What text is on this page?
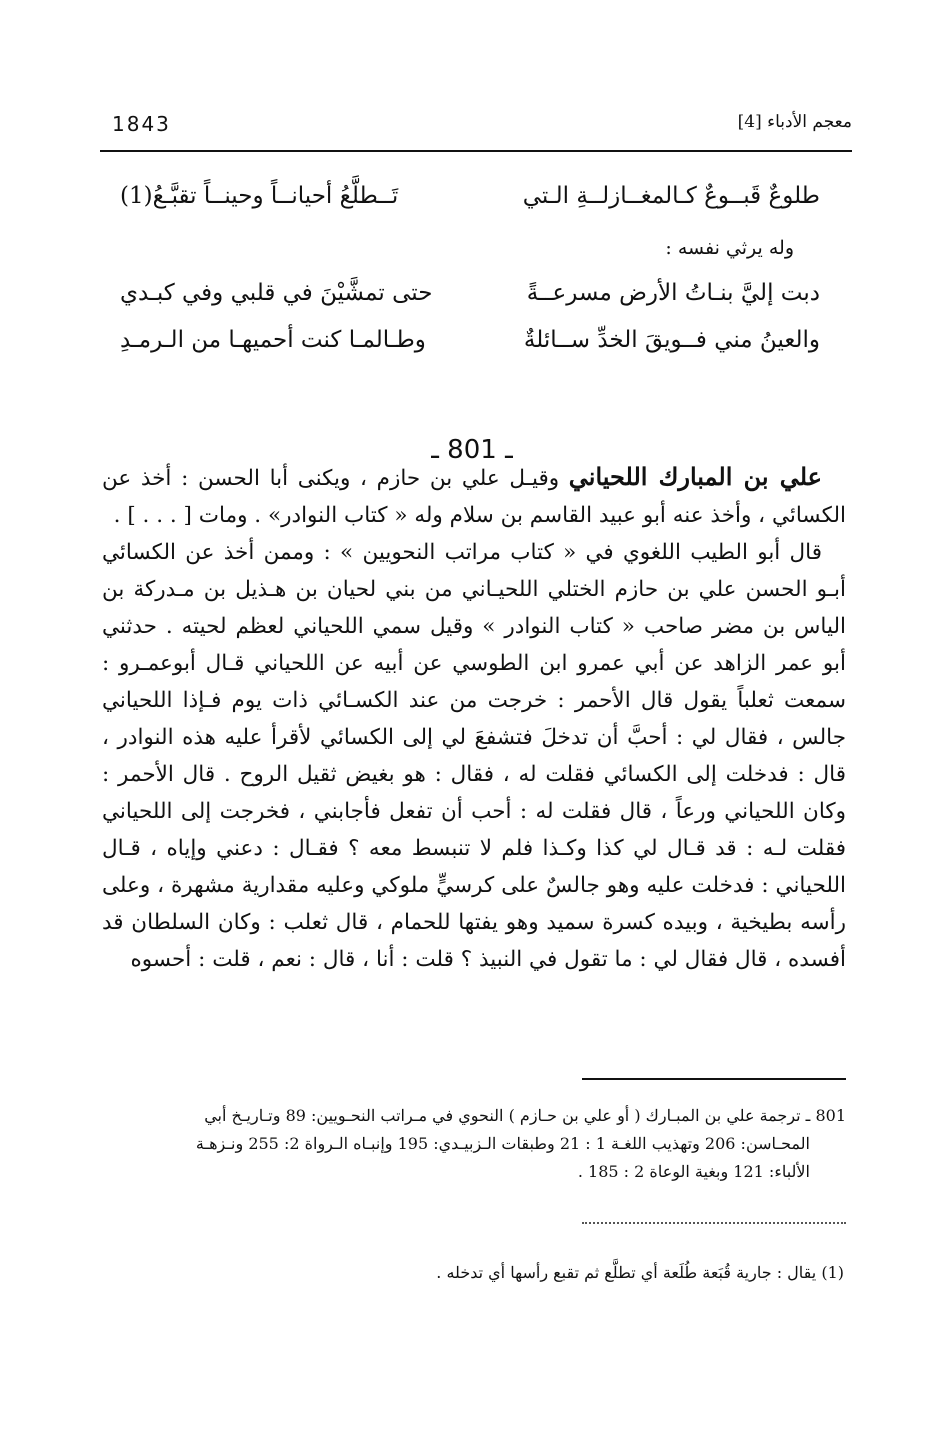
1843	معجم الأدباء [4]
طلوعٌ قَبــوعٌ كـالمغــازلــةِ الـتي
تَــطلَّعُ أحيانــاً وحينــاً تقبَّـعُ(1)
وله يرثي نفسه :
دبت إليَّ بنـاتُ الأرض مسرعــةً
حتى تمشَّيْنَ في قلبي وفي كبـدي
والعينُ مني فــويقَ الخدِّ ســائلةٌ
وطـالمـا كنت أحميهـا من الـرمـدِ
ـ 801 ـ

علي بن المبارك اللحياني وقيـل علي بن حازم ، ويكنى أبا الحسن : أخذ عن الكسائي ، وأخذ عنه أبو عبيد القاسم بن سلام وله « كتاب النوادر» . ومات [ . . . ] .

قال أبو الطيب اللغوي في « كتاب مراتب النحويين » : وممن أخذ عن الكسائي أبـو الحسن علي بن حازم الختلي اللحيـاني من بني لحيان بن هـذيل بن مـدركة بن الياس بن مضر صاحب « كتاب النوادر » وقيل سمي اللحياني لعظم لحيته . حدثني أبو عمر الزاهد عن أبي عمرو ابن الطوسي عن أبيه عن اللحياني قـال أبوعمـرو : سمعت ثعلباً يقول قال الأحمر : خرجت من عند الكسـائي ذات يوم فـإذا اللحياني جالس ، فقال لي : أحبَّ أن تدخلَ فتشفعَ لي إلى الكسائي لأقرأ عليه هذه النوادر ، قال : فدخلت إلى الكسائي فقلت له ، فقال : هو بغيض ثقيل الروح . قال الأحمر : وكان اللحياني ورعاً ، قال فقلت له : أحب أن تفعل فأجابني ، فخرجت إلى اللحياني فقلت لـه : قد قـال لي كذا وكـذا فلم لا تنبسط معه ؟ فقـال : دعني وإياه ، قـال اللحياني : فدخلت عليه وهو جالسٌ على كرسيٍّ ملوكي وعليه مقدارية مشهرة ، وعلى رأسه بطيخية ، وبيده كسرة سميد وهو يفتها للحمام ، قال ثعلب : وكان السلطان قد أفسده ، قال فقال لي : ما تقول في النبيذ ؟ قلت : أنا ، قال : نعم ، قلت : أحسوه

801 ـ ترجمة علي بن المبـارك ( أو علي بن حـازم ) النحوي في مـراتب النحـويين: 89 وتـاريـخ أبي
المحـاسن: 206 وتهذيب اللغـة 1 : 21 وطبقات الـزبيـدي: 195 وإنبـاه الـرواة 2: 255 ونـزهـة
الألباء: 121 وبغية الوعاة 2 : 185 .
(1) يقال : جارية قُبَعة طُلَعة أي تطلَّع ثم تقبع رأسها أي تدخله .
